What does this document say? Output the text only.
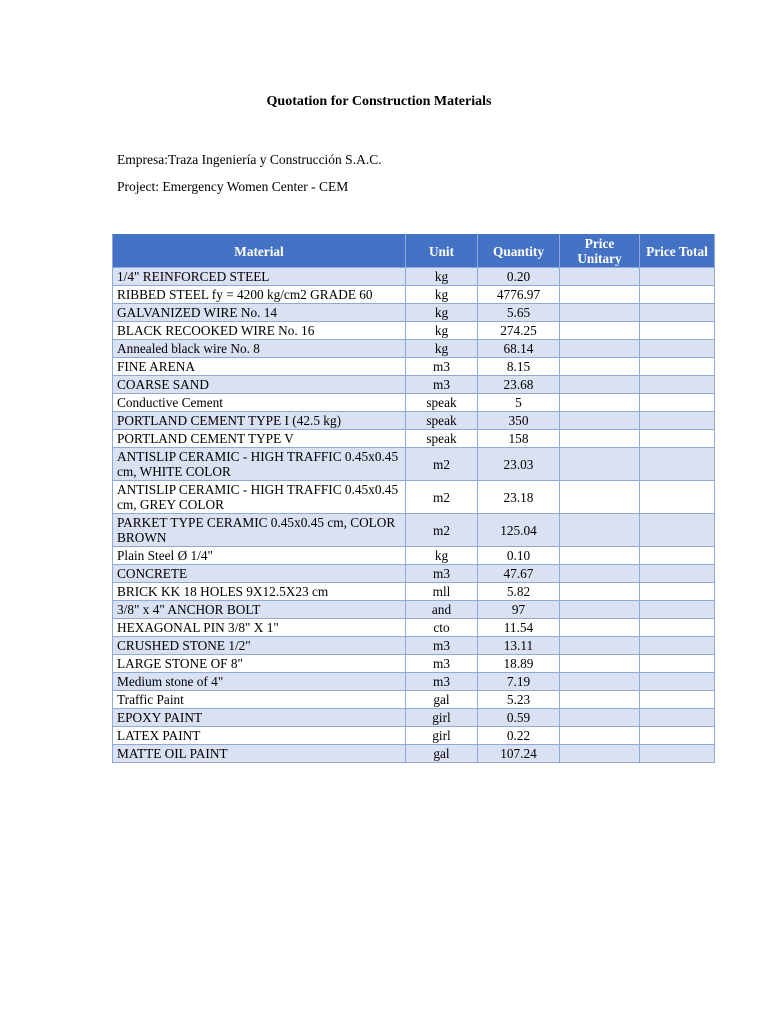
Quotation for Construction Materials
Empresa:Traza Ingeniería y Construcción S.A.C.
Project: Emergency Women Center - CEM
Material	Unit	Quantity	Price Unitary	Price Total
1/4" REINFORCED STEEL	kg	0.20		
RIBBED STEEL fy = 4200 kg/cm2 GRADE 60	kg	4776.97		
GALVANIZED WIRE No. 14	kg	5.65		
BLACK RECOOKED WIRE No. 16	kg	274.25		
Annealed black wire No. 8	kg	68.14		
FINE ARENA	m3	8.15		
COARSE SAND	m3	23.68		
Conductive Cement	speak	5		
PORTLAND CEMENT TYPE I (42.5 kg)	speak	350		
PORTLAND CEMENT TYPE V	speak	158		
ANTISLIP CERAMIC - HIGH TRAFFIC 0.45x0.45 cm, WHITE COLOR	m2	23.03		
ANTISLIP CERAMIC - HIGH TRAFFIC 0.45x0.45 cm, GREY COLOR	m2	23.18		
PARKET TYPE CERAMIC 0.45x0.45 cm, COLOR BROWN	m2	125.04		
Plain Steel Ø 1/4"	kg	0.10		
CONCRETE	m3	47.67		
BRICK KK 18 HOLES 9X12.5X23 cm	mll	5.82		
3/8" x 4" ANCHOR BOLT	and	97		
HEXAGONAL PIN 3/8" X 1"	cto	11.54		
CRUSHED STONE 1/2"	m3	13.11		
LARGE STONE OF 8"	m3	18.89		
Medium stone of 4"	m3	7.19		
Traffic Paint	gal	5.23		
EPOXY PAINT	girl	0.59		
LATEX PAINT	girl	0.22		
MATTE OIL PAINT	gal	107.24		
